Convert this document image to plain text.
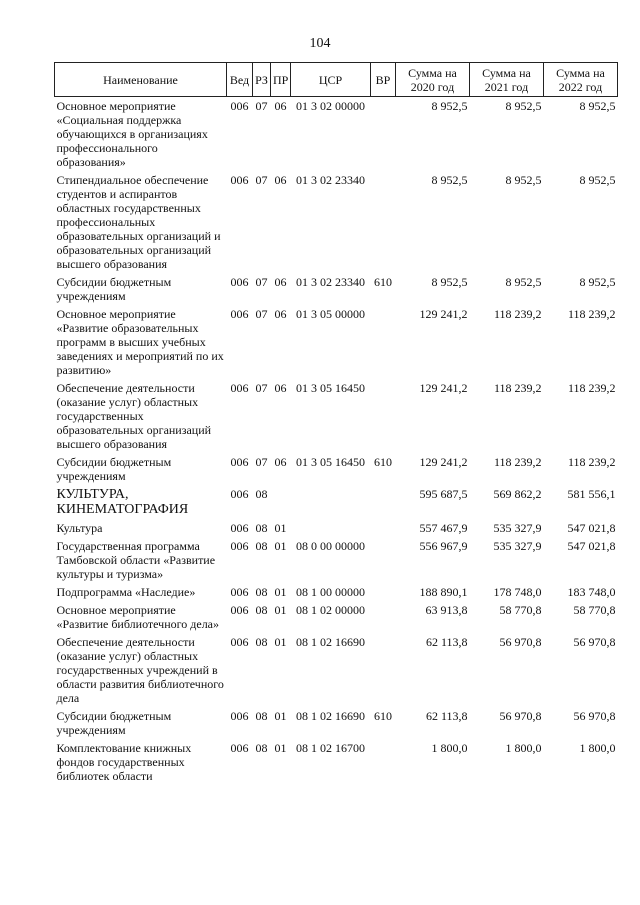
104
Наименование	Вед	РЗ	ПР	ЦСР	ВР	Сумма на 2020 год	Сумма на 2021 год	Сумма на 2022 год
Основное мероприятие «Социальная поддержка обучающихся в организациях профессионального образования»	006	07	06	01 3 02 00000		8 952,5	8 952,5	8 952,5
Стипендиальное обеспечение студентов и аспирантов областных государственных профессиональных образовательных организаций и образовательных организаций высшего образования	006	07	06	01 3 02 23340		8 952,5	8 952,5	8 952,5
Субсидии бюджетным учреждениям	006	07	06	01 3 02 23340	610	8 952,5	8 952,5	8 952,5
Основное мероприятие «Развитие образовательных программ в высших учебных заведениях и мероприятий по их развитию»	006	07	06	01 3 05 00000		129 241,2	118 239,2	118 239,2
Обеспечение деятельности (оказание услуг) областных государственных образовательных организаций высшего образования	006	07	06	01 3 05 16450		129 241,2	118 239,2	118 239,2
Субсидии бюджетным учреждениям	006	07	06	01 3 05 16450	610	129 241,2	118 239,2	118 239,2
КУЛЬТУРА, КИНЕМАТОГРАФИЯ	006	08				595 687,5	569 862,2	581 556,1
Культура	006	08	01			557 467,9	535 327,9	547 021,8
Государственная программа Тамбовской области «Развитие культуры и туризма»	006	08	01	08 0 00 00000		556 967,9	535 327,9	547 021,8
Подпрограмма «Наследие»	006	08	01	08 1 00 00000		188 890,1	178 748,0	183 748,0
Основное мероприятие «Развитие библиотечного дела»	006	08	01	08 1 02 00000		63 913,8	58 770,8	58 770,8
Обеспечение деятельности (оказание услуг) областных государственных учреждений в области развития библиотечного дела	006	08	01	08 1 02 16690		62 113,8	56 970,8	56 970,8
Субсидии бюджетным учреждениям	006	08	01	08 1 02 16690	610	62 113,8	56 970,8	56 970,8
Комплектование книжных фондов государственных библиотек области	006	08	01	08 1 02 16700		1 800,0	1 800,0	1 800,0
